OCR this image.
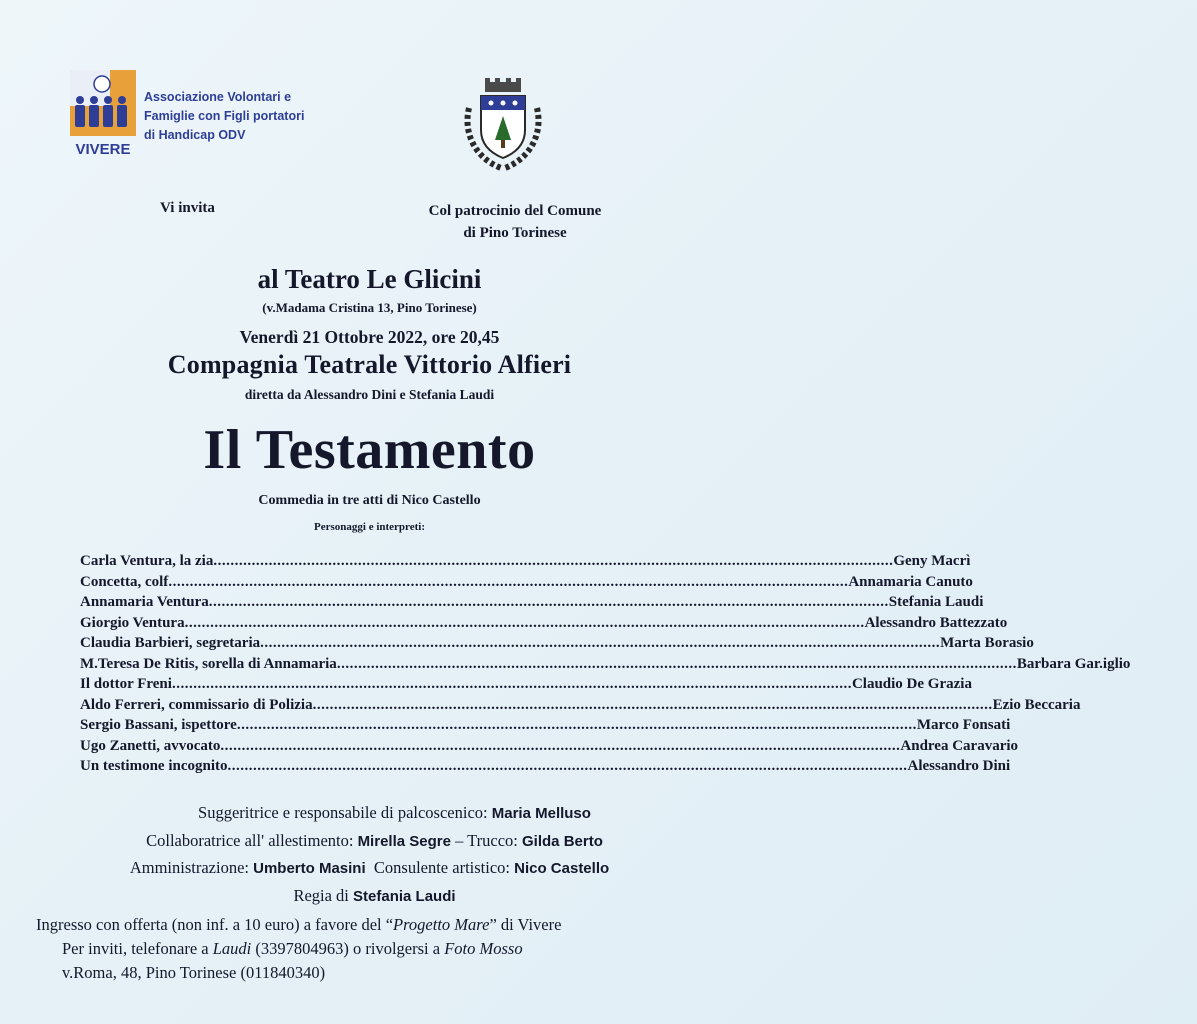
VIVERE
Associazione Volontari e
Famiglie con Figli portatori
di Handicap ODV
Vi invita	Col patrocinio del Comune
di Pino Torinese
al Teatro Le Glicini
(v.Madama Cristina 13, Pino Torinese)
Venerdì 21 Ottobre 2022, ore 20,45
Compagnia Teatrale Vittorio Alfieri
diretta da Alessandro Dini e Stefania Laudi
Il Testamento
Commedia in tre atti di Nico Castello
Personaggi e interpreti:
Carla Ventura, la zia ................................................................................................................................................................ Geny Macrì
Concetta, colf ................................................................................................................................................................ Annamaria Canuto
Annamaria Ventura ................................................................................................................................................................ Stefania Laudi
Giorgio Ventura ................................................................................................................................................................ Alessandro Battezzato
Claudia Barbieri, segretaria ................................................................................................................................................................ Marta Borasio
M.Teresa De Ritis, sorella di Annamaria ................................................................................................................................................................ Barbara Gar.iglio
Il dottor Freni ................................................................................................................................................................ Claudio De Grazia
Aldo Ferreri, commissario di Polizia ................................................................................................................................................................ Ezio Beccaria
Sergio Bassani, ispettore ................................................................................................................................................................ Marco Fonsati
Ugo Zanetti, avvocato ................................................................................................................................................................ Andrea Caravario
Un testimone incognito ................................................................................................................................................................ Alessandro Dini
Suggeritrice e responsabile di palcoscenico: Maria Melluso
Collaboratrice all' allestimento: Mirella Segre – Trucco: Gilda Berto
Amministrazione: Umberto Masini Consulente artistico: Nico Castello
Regia di Stefania Laudi
Ingresso con offerta (non inf. a 10 euro) a favore del “Progetto Mare” di Vivere
Per inviti, telefonare a Laudi (3397804963) o rivolgersi a Foto Mosso
v.Roma, 48, Pino Torinese (011840340)
